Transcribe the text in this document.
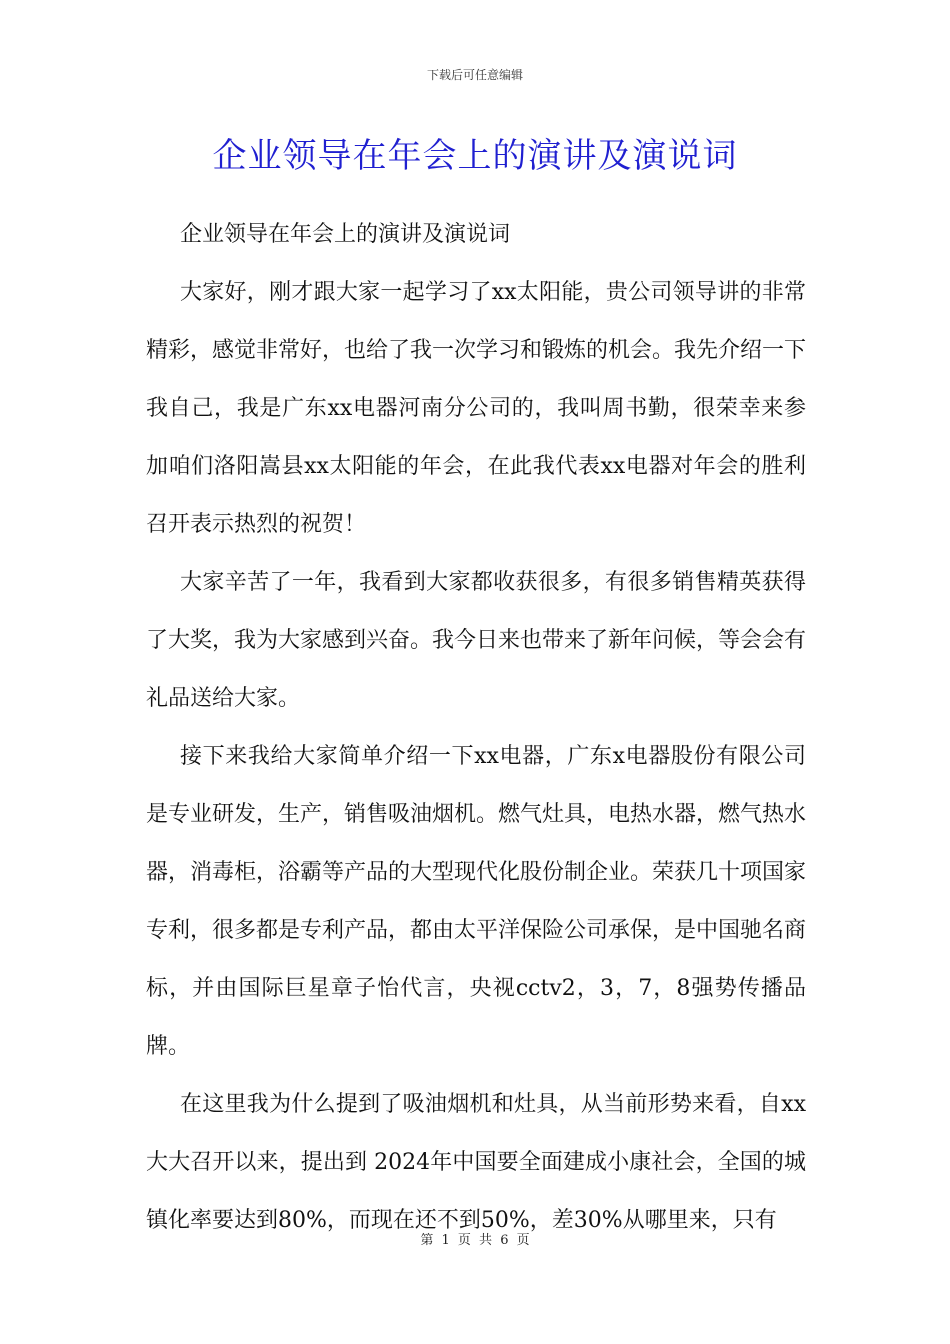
下载后可任意编辑
企业领导在年会上的演讲及演说词

企业领导在年会上的演讲及演说词

大家好，刚才跟大家一起学习了xx太阳能，贵公司领导讲的非常精彩，感觉非常好，也给了我一次学习和锻炼的机会。我先介绍一下我自己，我是广东xx电器河南分公司的，我叫周书勤，很荣幸来参加咱们洛阳嵩县xx太阳能的年会，在此我代表xx电器对年会的胜利召开表示热烈的祝贺！

大家辛苦了一年，我看到大家都收获很多，有很多销售精英获得了大奖，我为大家感到兴奋。我今日来也带来了新年问候，等会会有礼品送给大家。

接下来我给大家简单介绍一下xx电器，广东x电器股份有限公司是专业研发，生产，销售吸油烟机。燃气灶具，电热水器，燃气热水器，消毒柜，浴霸等产品的大型现代化股份制企业。荣获几十项国家专利，很多都是专利产品，都由太平洋保险公司承保，是中国驰名商标，并由国际巨星章子怡代言，央视cctv2，3，7，8强势传播品牌。

在这里我为什么提到了吸油烟机和灶具，从当前形势来看，自xx大大召开以来，提出到 2024年中国要全面建成小康社会，全国的城镇化率要达到80%，而现在还不到50%，差30%从哪里来，只有

第 1 页 共 6 页
